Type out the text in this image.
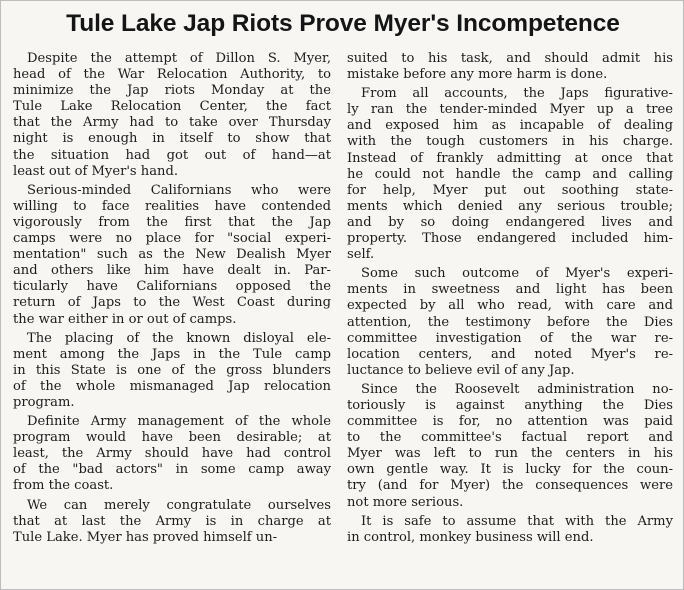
Tule Lake Jap Riots Prove Myer's Incompetence
Despite the attempt of Dillon S. Myer,
head of the War Relocation Authority, to
minimize the Jap riots Monday at the
Tule Lake Relocation Center, the fact
that the Army had to take over Thursday
night is enough in itself to show that
the situation had got out of hand—at
least out of Myer's hand.
Serious-minded Californians who were
willing to face realities have contended
vigorously from the first that the Jap
camps were no place for "social experi-
mentation" such as the New Dealish Myer
and others like him have dealt in. Par-
ticularly have Californians opposed the
return of Japs to the West Coast during
the war either in or out of camps.
The placing of the known disloyal ele-
ment among the Japs in the Tule camp
in this State is one of the gross blunders
of the whole mismanaged Jap relocation
program.
Definite Army management of the whole
program would have been desirable; at
least, the Army should have had control
of the "bad actors" in some camp away
from the coast.
We can merely congratulate ourselves
that at last the Army is in charge at
Tule Lake. Myer has proved himself un-
suited to his task, and should admit his
mistake before any more harm is done.
From all accounts, the Japs figurative-
ly ran the tender-minded Myer up a tree
and exposed him as incapable of dealing
with the tough customers in his charge.
Instead of frankly admitting at once that
he could not handle the camp and calling
for help, Myer put out soothing state-
ments which denied any serious trouble;
and by so doing endangered lives and
property. Those endangered included him-
self.
Some such outcome of Myer's experi-
ments in sweetness and light has been
expected by all who read, with care and
attention, the testimony before the Dies
committee investigation of the war re-
location centers, and noted Myer's re-
luctance to believe evil of any Jap.
Since the Roosevelt administration no-
toriously is against anything the Dies
committee is for, no attention was paid
to the committee's factual report and
Myer was left to run the centers in his
own gentle way. It is lucky for the coun-
try (and for Myer) the consequences were
not more serious.
It is safe to assume that with the Army
in control, monkey business will end.
